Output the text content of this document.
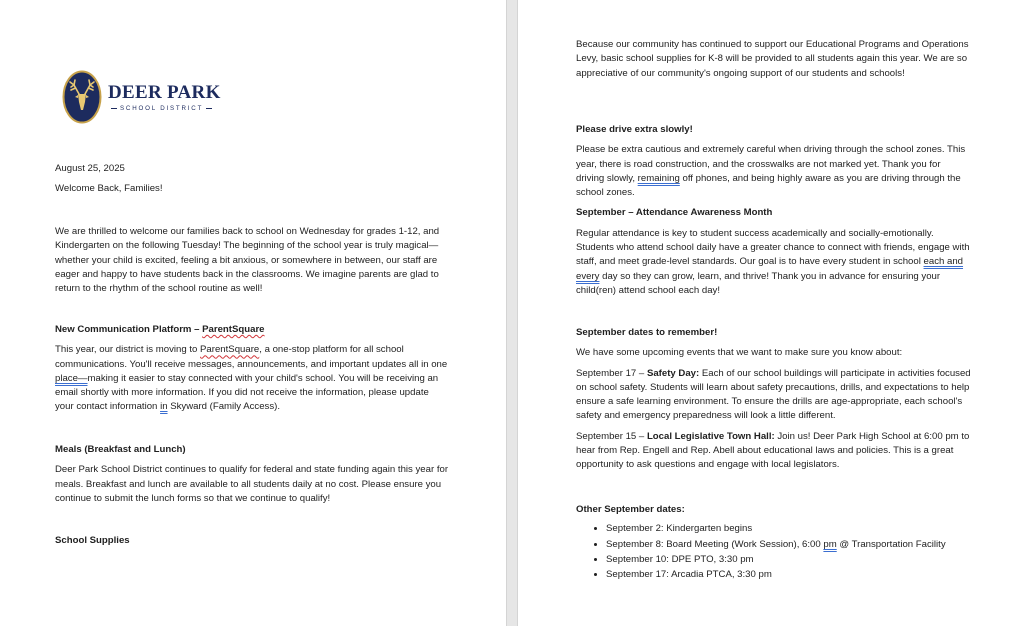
DEER PARK
SCHOOL DISTRICT

August 25, 2025

Welcome Back, Families!

We are thrilled to welcome our families back to school on Wednesday for grades 1-12, and Kindergarten on the following Tuesday! The beginning of the school year is truly magical—whether your child is excited, feeling a bit anxious, or somewhere in between, our staff are eager and happy to have students back in the classrooms. We imagine parents are glad to return to the rhythm of the school routine as well!

New Communication Platform – ParentSquare

This year, our district is moving to ParentSquare, a one-stop platform for all school communications. You'll receive messages, announcements, and important updates all in one place—making it easier to stay connected with your child's school. You will be receiving an email shortly with more information. If you did not receive the information, please update your contact information in Skyward (Family Access).

Meals (Breakfast and Lunch)

Deer Park School District continues to qualify for federal and state funding again this year for meals. Breakfast and lunch are available to all students daily at no cost. Please ensure you continue to submit the lunch forms so that we continue to qualify!

School Supplies

Because our community has continued to support our Educational Programs and Operations Levy, basic school supplies for K-8 will be provided to all students again this year. We are so appreciative of our community's ongoing support of our students and schools!

Please drive extra slowly!

Please be extra cautious and extremely careful when driving through the school zones. This year, there is road construction, and the crosswalks are not marked yet. Thank you for driving slowly, remaining off phones, and being highly aware as you are driving through the school zones.

September – Attendance Awareness Month

Regular attendance is key to student success academically and socially-emotionally. Students who attend school daily have a greater chance to connect with friends, engage with staff, and meet grade-level standards. Our goal is to have every student in school each and every day so they can grow, learn, and thrive! Thank you in advance for ensuring your child(ren) attend school each day!

September dates to remember!

We have some upcoming events that we want to make sure you know about:

September 17 – Safety Day: Each of our school buildings will participate in activities focused on school safety. Students will learn about safety precautions, drills, and expectations to help ensure a safe learning environment. To ensure the drills are age-appropriate, each school's safety and emergency preparedness will look a little different.

September 15 – Local Legislative Town Hall: Join us! Deer Park High School at 6:00 pm to hear from Rep. Engell and Rep. Abell about educational laws and policies. This is a great opportunity to ask questions and engage with local legislators.

Other September dates:
• September 2: Kindergarten begins
• September 8: Board Meeting (Work Session), 6:00 pm @ Transportation Facility
• September 10: DPE PTO, 3:30 pm
• September 17: Arcadia PTCA, 3:30 pm
